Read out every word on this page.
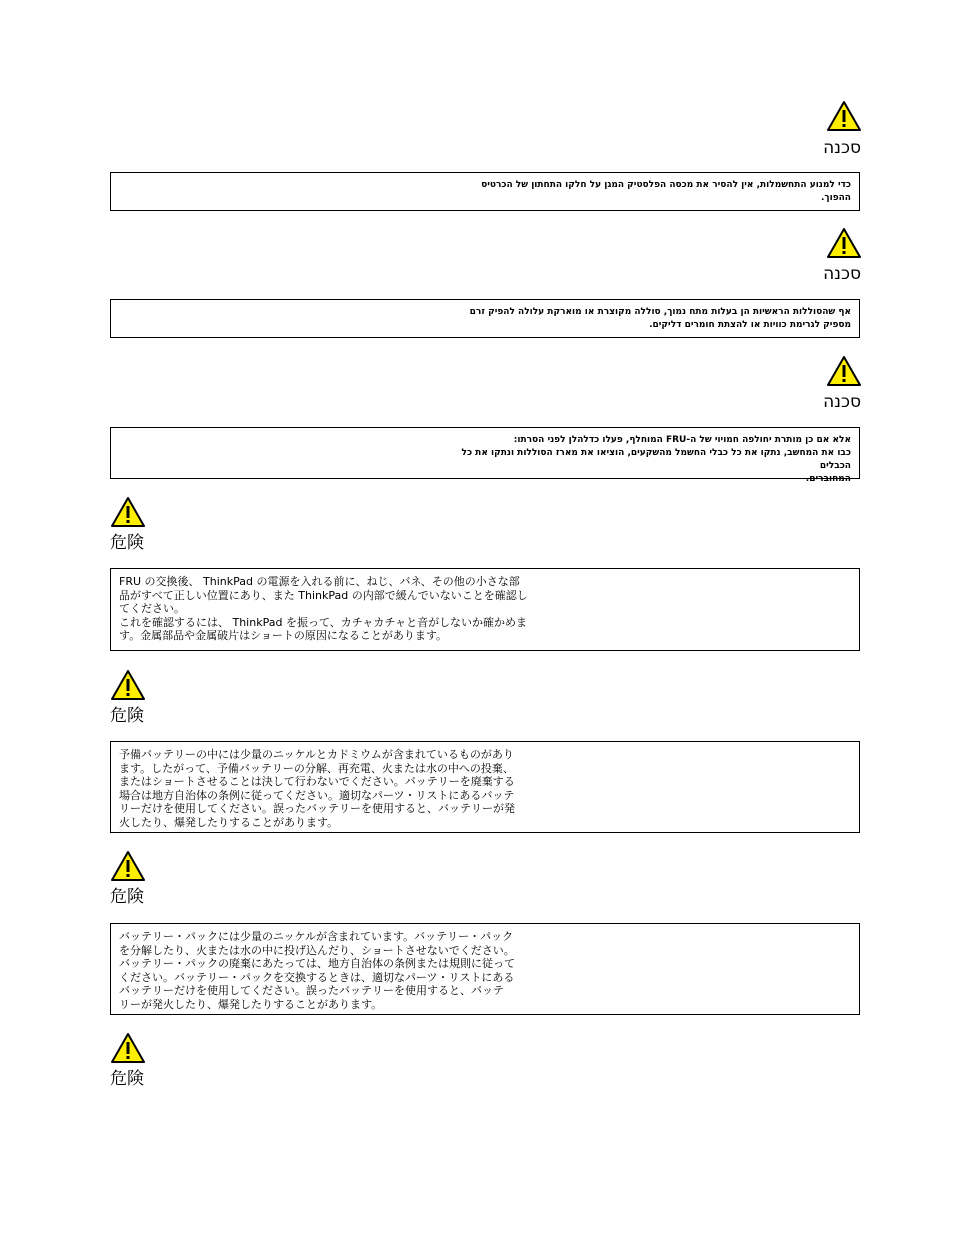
סכנה

כדי למנוע התחשמלות, אין להסיר את מכסה הפלסטיק המגן על חלקו התחתון של הכרטיס

ההפוך.

סכנה

אף שהסוללות הראשיות הן בעלות מתח נמוך, סוללה מקוצרת או מוארקת עלולה להפיק זרם

מספיק לגרימת כוויות או להצתת חומרים דליקים.

סכנה

אלא אם כן מותרת יחולפה חמויוי של ה-FRU המוחלף, פעלו כדלהלן לפני הסרתו:

כבו את המחשב, נתקו את כל כבלי החשמל מהשקעים, הוציאו את מארז הסוללות ונתקו את כל הכבלים

המחוברים.

危険

FRU の交換後、 ThinkPad の電源を入れる前に、ねじ、バネ、その他の小さな部

品がすべて正しい位置にあり、また ThinkPad の内部で緩んでいないことを確認し

てください。

これを確認するには、 ThinkPad を振って、カチャカチャと音がしないか確かめま

す。金属部品や金属破片はショートの原因になることがあります。

危険

予備バッテリーの中には少量のニッケルとカドミウムが含まれているものがあり

ます。したがって、予備バッテリーの分解、再充電、火または水の中への投棄、

またはショートさせることは決して行わないでください。バッテリーを廃棄する

場合は地方自治体の条例に従ってください。適切なパーツ・リストにあるバッテ

リーだけを使用してください。誤ったバッテリーを使用すると、バッテリーが発

火したり、爆発したりすることがあります。

危険

バッテリー・パックには少量のニッケルが含まれています。バッテリー・パック

を分解したり、火または水の中に投げ込んだり、ショートさせないでください。

バッテリー・パックの廃棄にあたっては、地方自治体の条例または規則に従って

ください。バッテリー・パックを交換するときは、適切なパーツ・リストにある

バッテリーだけを使用してください。誤ったバッテリーを使用すると、バッテ

リーが発火したり、爆発したりすることがあります。

危険
